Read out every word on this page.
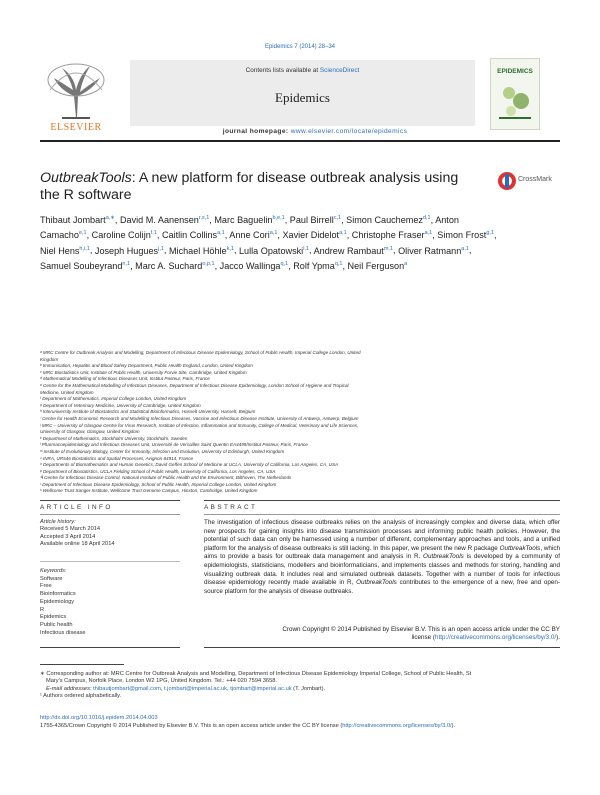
Epidemics 7 (2014) 28–34
ELSEVIER
Contents lists available at ScienceDirect
Epidemics
EPIDEMICS
journal homepage: www.elsevier.com/locate/epidemics
OutbreakTools: A new platform for disease outbreak analysis using the R software
CrossMark
Thibaut Jombart$^{a,∗}$, David M. Aanensen$^{r,s,1}$, Marc Baguelin$^{b,e,1}$, Paul Birrell$^{c,1}$, Simon Cauchemez$^{d,1}$, Anton Camacho$^{e,1}$, Caroline Colijn$^{f,1}$, Caitlin Collins$^{a,1}$, Anne Cori$^{a,1}$, Xavier Didelot$^{a,1}$, Christophe Fraser$^{a,1}$, Simon Frost$^{g,1}$, Niel Hens$^{h,i,1}$, Joseph Hugues$^{j,1}$, Michael Höhle$^{k,1}$, Lulla Opatowski$^{l,1}$, Andrew Rambaut$^{m,1}$, Oliver Ratmann$^{a,1}$, Samuel Soubeyrand$^{n,1}$, Marc A. Suchard$^{o,p,1}$, Jacco Wallinga$^{q,1}$, Rolf Ypma$^{q,1}$, Neil Ferguson$^a$
ᵃ MRC Centre for Outbreak Analysis and Modelling, Department of Infectious Disease Epidemiology, School of Public Health, Imperial College London, United
Kingdom
ᵇ Immunisation, Hepatitis and Blood Safety Department, Public Health England, London, United Kingdom
ᶜ MRC Biostatistics Unit, Institute of Public Health, University Forvie Site, Cambridge, United Kingdom
ᵈ Mathematical Modelling of Infectious Diseases Unit, Institut Pasteur, Paris, France
ᵉ Centre for the Mathematical Modelling of Infectious Diseases, Department of Infectious Disease Epidemiology, London School of Hygiene and Tropical
Medicine, United Kingdom
ᶠ Department of Mathematics, Imperial College London, United Kingdom
ᵍ Department of Veterinary Medicine, University of Cambridge, United Kingdom
ʰ Interuniversity Institute of Biostatistics and Statistical Bioinformatics, Hasselt University, Hasselt, Belgium
ⁱ Centre for Health Economic Research and Modelling Infectious Diseases, Vaccine and Infectious Disease Institute, University of Antwerp, Antwerp, Belgium
ʲ MRC – University of Glasgow Centre for Virus Research, Institute of Infection, Inflammation and Immunity, College of Medical, Veterinary and Life Sciences,
University of Glasgow, Glasgow, United Kingdom
ᵏ Department of Mathematics, Stockholm University, Stockholm, Sweden
ˡ Pharmacoepidemiology and Infectious Diseases Unit, Université de Versailles Saint Quentin EA4499/Institut Pasteur, Paris, France
ᵐ Institute of Evolutionary Biology, Center for Immunity, Infection and Evolution, University of Edinburgh, United Kingdom
ⁿ INRA, UR546 Biostatistics and Spatial Processes, Avignon 84914, France
ᵒ Departments of Biomathematics and Human Genetics, David Geffen School of Medicine at UCLA, University of California, Los Angeles, CA, USA
ᵖ Department of Biostatistics, UCLA Fielding School of Public Health, University of California, Los Angeles, CA, USA
ᑫ Centre for Infectious Disease Control, National Institute of Public Health and the Environment, Bilthoven, The Netherlands
ʳ Department of Infectious Disease Epidemiology, School of Public Health, Imperial College London, United Kingdom
ˢ Wellcome Trust Sanger Institute, Wellcome Trust Genome Campus, Hinxton, Cambridge, United Kingdom
ARTICLE INFO	ABSTRACT
Article history:
Received 5 March 2014
Accepted 3 April 2014
Available online 18 April 2014
Keywords:
Software
Free
Bioinformatics
Epidemiology
R
Epidemics
Public health
Infectious disease
The investigation of infectious disease outbreaks relies on the analysis of increasingly complex and diverse data, which offer new prospects for gaining insights into disease transmission processes and informing public health policies. However, the potential of such data can only be harnessed using a number of different, complementary approaches and tools, and a unified platform for the analysis of disease outbreaks is still lacking. In this paper, we present the new R package OutbreakTools, which aims to provide a basis for outbreak data management and analysis in R. OutbreakTools is developed by a community of epidemiologists, statisticians, modellers and bioinformaticians, and implements classes and methods for storing, handling and visualizing outbreak data. It includes real and simulated outbreak datasets. Together with a number of tools for infectious disease epidemiology recently made available in R, OutbreakTools contributes to the emergence of a new, free and open-source platform for the analysis of disease outbreaks.
Crown Copyright © 2014 Published by Elsevier B.V. This is an open access article under the CC BY
license (http://creativecommons.org/licenses/by/3.0/).
∗ Corresponding author at: MRC Centre for Outbreak Analysis and Modelling, Department of Infectious Disease Epidemiology Imperial College, School of Public Health, St
Mary's Campus, Norfolk Place, London W2 1PG, United Kingdom. Tel.: +44 020 7594 3658.
E-mail addresses: thibautjombart@gmail.com, t.jombart@imperial.ac.uk, tjombart@imperial.ac.uk (T. Jombart).
¹ Authors ordered alphabetically.
http://dx.doi.org/10.1016/j.epidem.2014.04.003
1755-4365/Crown Copyright © 2014 Published by Elsevier B.V. This is an open access article under the CC BY license (http://creativecommons.org/licenses/by/3.0/).
